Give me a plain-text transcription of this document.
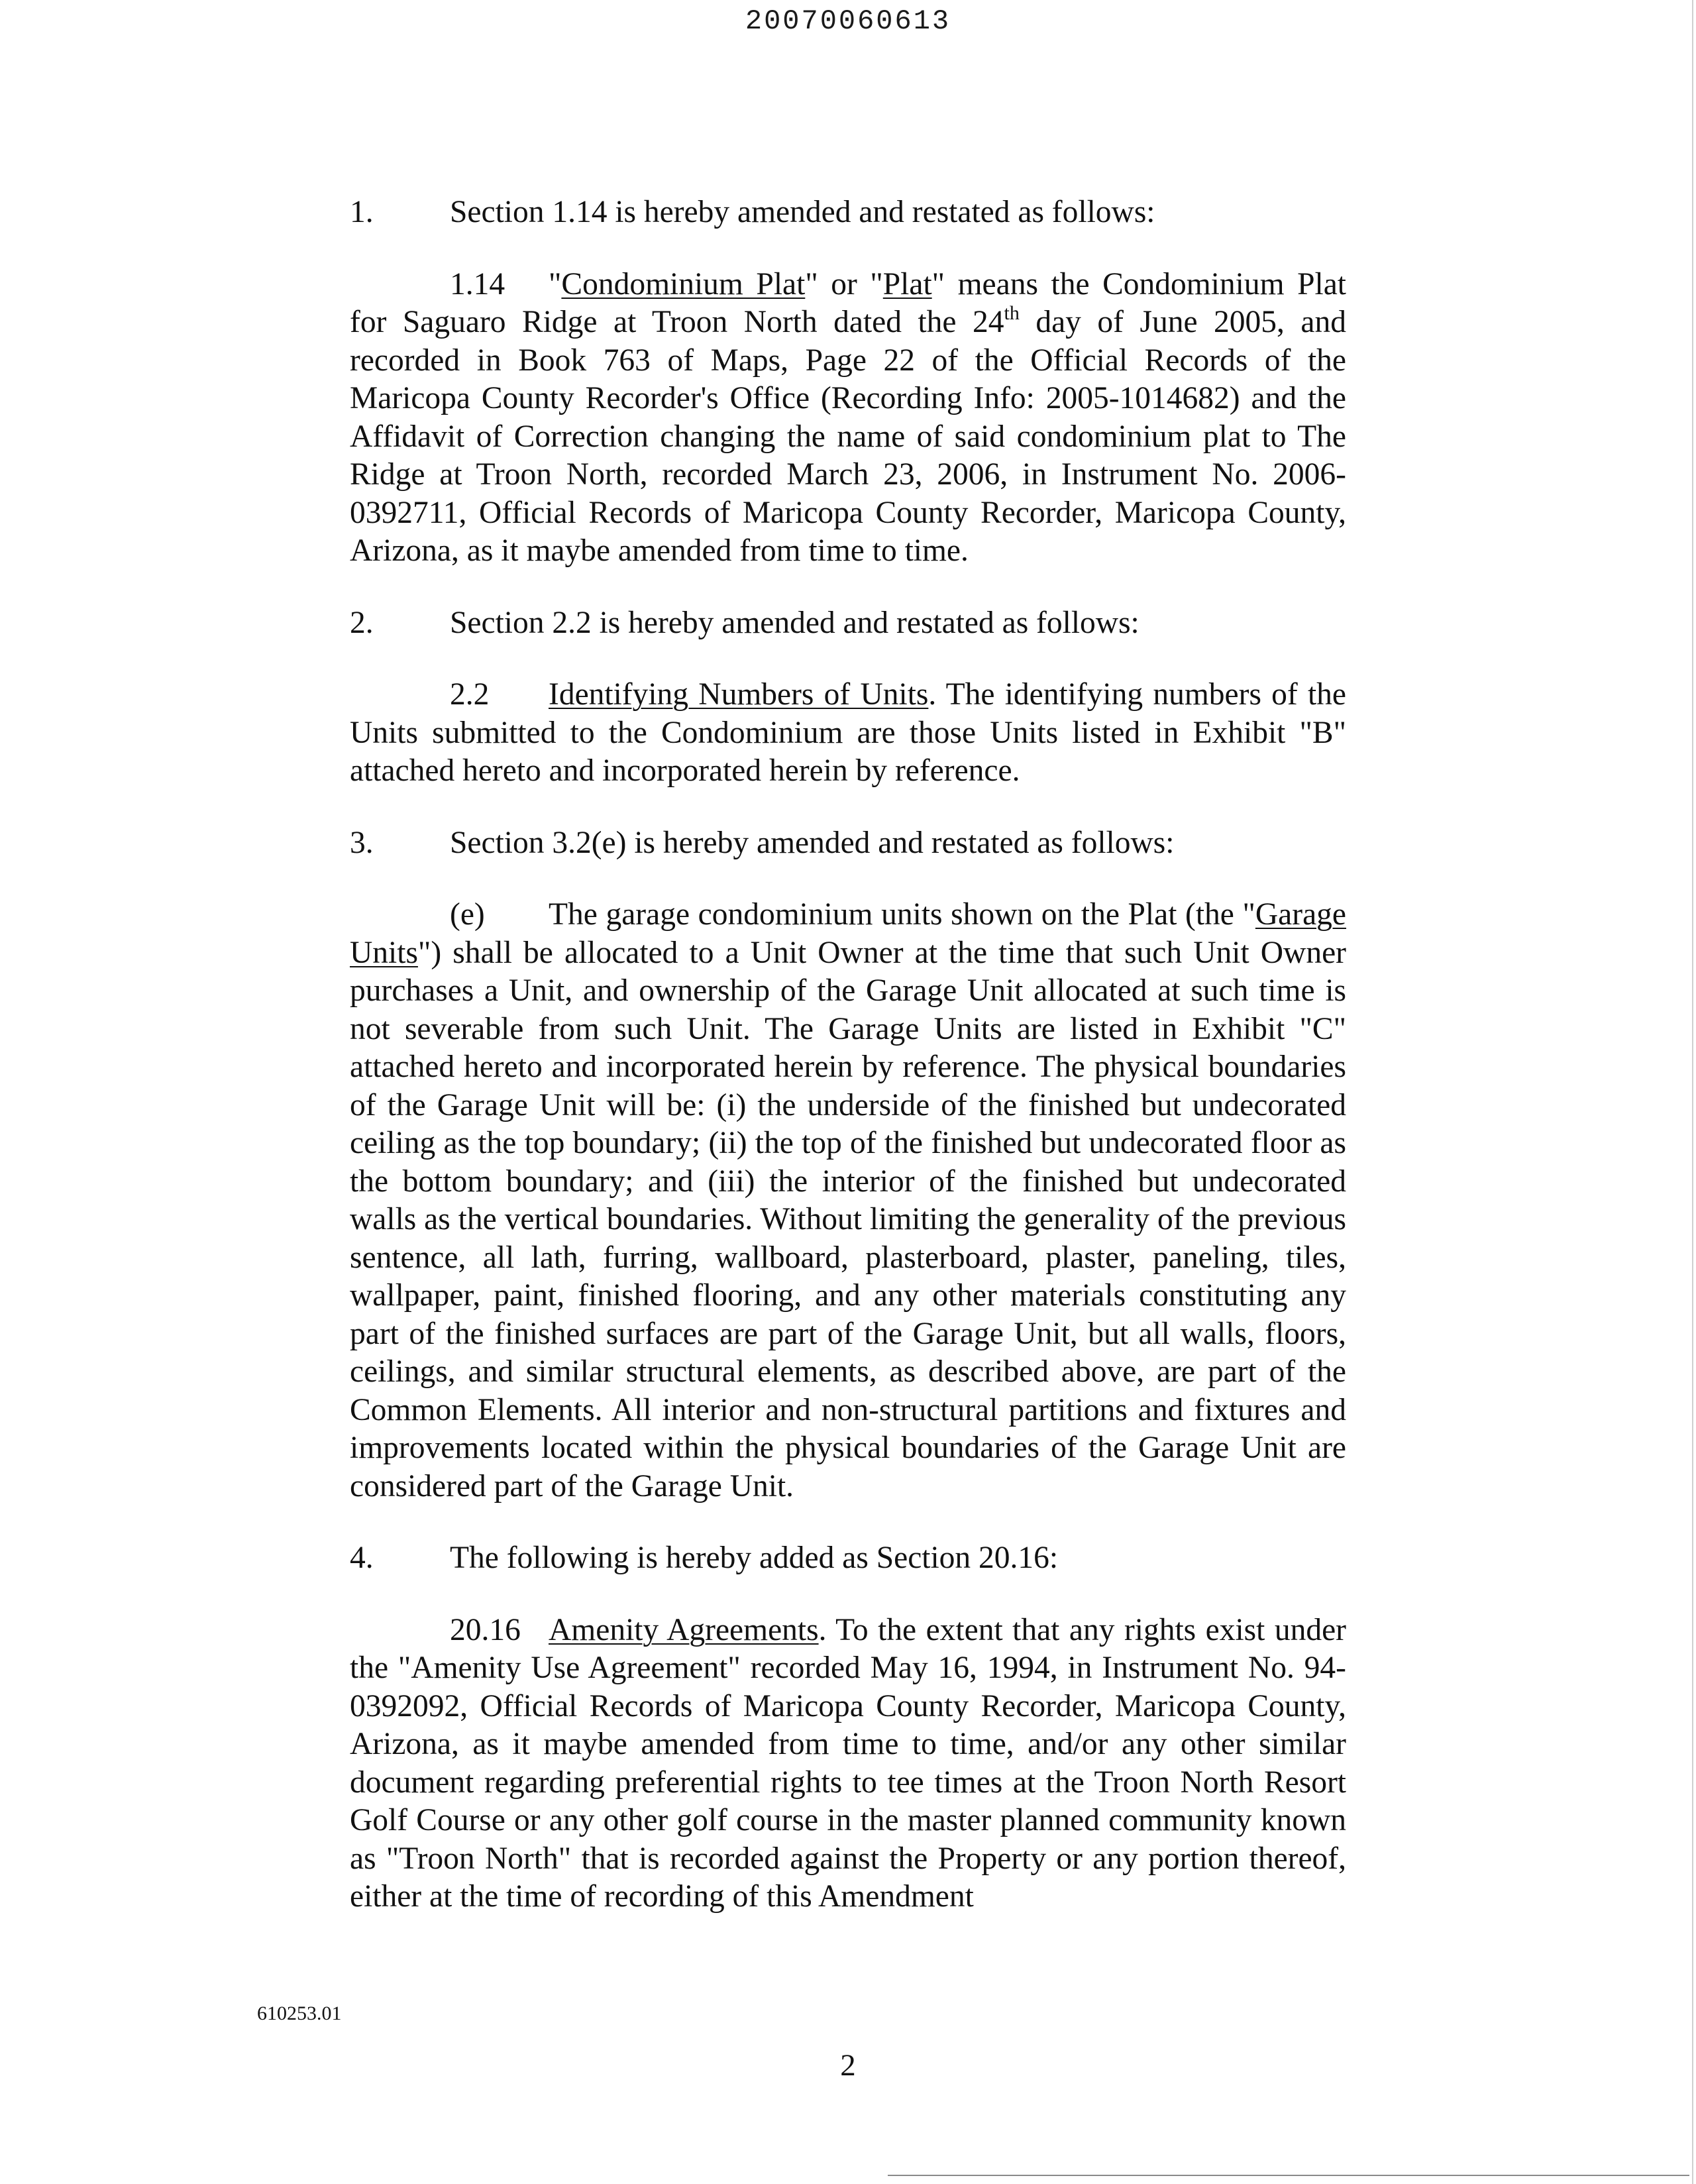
20070060613
1. Section 1.14 is hereby amended and restated as follows:
1.14 "Condominium Plat" or "Plat" means the Condominium Plat for Saguaro Ridge at Troon North dated the 24th day of June 2005, and recorded in Book 763 of Maps, Page 22 of the Official Records of the Maricopa County Recorder's Office (Recording Info: 2005-1014682) and the Affidavit of Correction changing the name of said condominium plat to The Ridge at Troon North, recorded March 23, 2006, in Instrument No. 2006-0392711, Official Records of Maricopa County Recorder, Maricopa County, Arizona, as it maybe amended from time to time.
2. Section 2.2 is hereby amended and restated as follows:
2.2 Identifying Numbers of Units. The identifying numbers of the Units submitted to the Condominium are those Units listed in Exhibit "B" attached hereto and incorporated herein by reference.
3. Section 3.2(e) is hereby amended and restated as follows:
(e) The garage condominium units shown on the Plat (the "Garage Units") shall be allocated to a Unit Owner at the time that such Unit Owner purchases a Unit, and ownership of the Garage Unit allocated at such time is not severable from such Unit. The Garage Units are listed in Exhibit "C" attached hereto and incorporated herein by reference. The physical boundaries of the Garage Unit will be: (i) the underside of the finished but undecorated ceiling as the top boundary; (ii) the top of the finished but undecorated floor as the bottom boundary; and (iii) the interior of the finished but undecorated walls as the vertical boundaries. Without limiting the generality of the previous sentence, all lath, furring, wallboard, plasterboard, plaster, paneling, tiles, wallpaper, paint, finished flooring, and any other materials constituting any part of the finished surfaces are part of the Garage Unit, but all walls, floors, ceilings, and similar structural elements, as described above, are part of the Common Elements. All interior and non-structural partitions and fixtures and improvements located within the physical boundaries of the Garage Unit are considered part of the Garage Unit.
4. The following is hereby added as Section 20.16:
20.16 Amenity Agreements. To the extent that any rights exist under the "Amenity Use Agreement" recorded May 16, 1994, in Instrument No. 94-0392092, Official Records of Maricopa County Recorder, Maricopa County, Arizona, as it maybe amended from time to time, and/or any other similar document regarding preferential rights to tee times at the Troon North Resort Golf Course or any other golf course in the master planned community known as "Troon North" that is recorded against the Property or any portion thereof, either at the time of recording of this Amendment
610253.01
2
